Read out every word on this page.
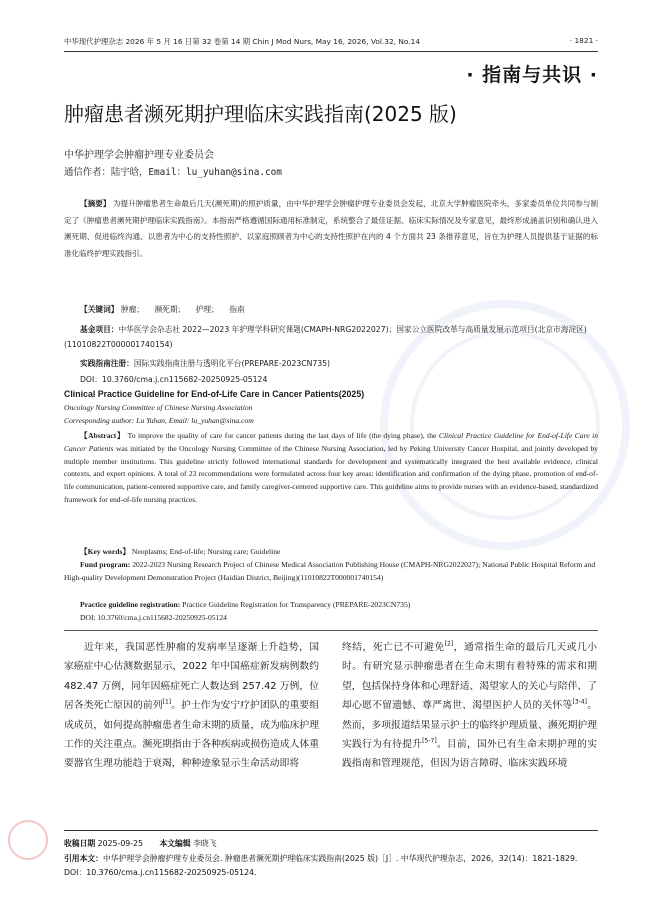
中华现代护理杂志 2026 年 5 月 16 日第 32 卷第 14 期 Chin J Mod Nurs, May 16, 2026, Vol.32, No.14	· 1821 ·
· 指南与共识 ·
肿瘤患者濒死期护理临床实践指南(2025 版)
中华护理学会肿瘤护理专业委员会
通信作者：陆宇晗，Email：lu_yuhan@sina.com
【摘要】 为提升肿瘤患者生命最后几天(濒死期)的照护质量，由中华护理学会肿瘤护理专业委员会发起，北京大学肿瘤医院牵头，多家委员单位共同参与制定了《肿瘤患者濒死期护理临床实践指南》。本指南严格遵循国际通用标准制定，系统整合了最佳证据、临床实际情况及专家意见，最终形成涵盖识别和确认进入濒死期、促进临终沟通、以患者为中心的支持性照护、以家庭照顾者为中心的支持性照护在内的 4 个方面共 23 条推荐意见，旨在为护理人员提供基于证据的标准化临终护理实践指引。
【关键词】 肿瘤； 濒死期； 护理； 指南
基金项目：中华医学会杂志社 2022—2023 年护理学科研究课题(CMAPH-NRG2022027)；国家公立医院改革与高质量发展示范项目(北京市海淀区)(11010822T000001740154)
实践指南注册：国际实践指南注册与透明化平台(PREPARE-2023CN735)
DOI：10.3760/cma.j.cn115682-20250925-05124
Clinical Practice Guideline for End-of-Life Care in Cancer Patients(2025)
Oncology Nursing Committee of Chinese Nursing Association
Corresponding author: Lu Yuhan, Email: lu_yuhan@sina.com
【Abstract】 To improve the quality of care for cancer patients during the last days of life (the dying phase), the Clinical Practice Guideline for End-of-Life Care in Cancer Patients was initiated by the Oncology Nursing Committee of the Chinese Nursing Association, led by Peking University Cancer Hospital, and jointly developed by multiple member institutions. This guideline strictly followed international standards for development and systematically integrated the best available evidence, clinical contexts, and expert opinions. A total of 23 recommendations were formulated across four key areas: identification and confirmation of the dying phase, promotion of end-of-life communication, patient-centered supportive care, and family caregiver-centered supportive care. This guideline aims to provide nurses with an evidence-based, standardized framework for end-of-life nursing practices.
【Key words】 Neoplasms; End-of-life; Nursing care; Guideline
Fund program: 2022-2023 Nursing Research Project of Chinese Medical Association Publishing House (CMAPH-NRG2022027); National Public Hospital Reform and High-quality Development Demonstration Project (Haidian District, Beijing)(11010822T000001740154)
Practice guideline registration: Practice Guideline Registration for Transparency (PREPARE-2023CN735)
DOI: 10.3760/cma.j.cn115682-20250925-05124
近年来，我国恶性肿瘤的发病率呈逐渐上升趋势，国家癌症中心估测数据显示，2022 年中国癌症新发病例数约 482.47 万例，同年因癌症死亡人数达到 257.42 万例，位居各类死亡原因的前列[1]。护士作为安宁疗护团队的重要组成成员，如何提高肿瘤患者生命末期的质量，成为临床护理工作的关注重点。濒死期指由于各种疾病或损伤造成人体重要器官生理功能趋于衰竭，种种迹象显示生命活动即将
终结，死亡已不可避免[2]，通常指生命的最后几天或几小时。有研究显示肿瘤患者在生命末期有着特殊的需求和期望，包括保持身体和心理舒适、渴望家人的关心与陪伴、了却心愿不留遗憾、尊严离世、渴望医护人员的关怀等[3-4]。然而，多项报道结果显示护士的临终护理质量、濒死期护理实践行为有待提升[5-7]。目前，国外已有生命末期护理的实践指南和管理规范，但因为语言障碍、临床实践环境
收稿日期 2025-09-25 本文编辑 李晓飞
引用本文：中华护理学会肿瘤护理专业委员会. 肿瘤患者濒死期护理临床实践指南(2025 版)［J］. 中华现代护理杂志，2026，32(14)：1821-1829. DOI：10.3760/cma.j.cn115682-20250925-05124.
